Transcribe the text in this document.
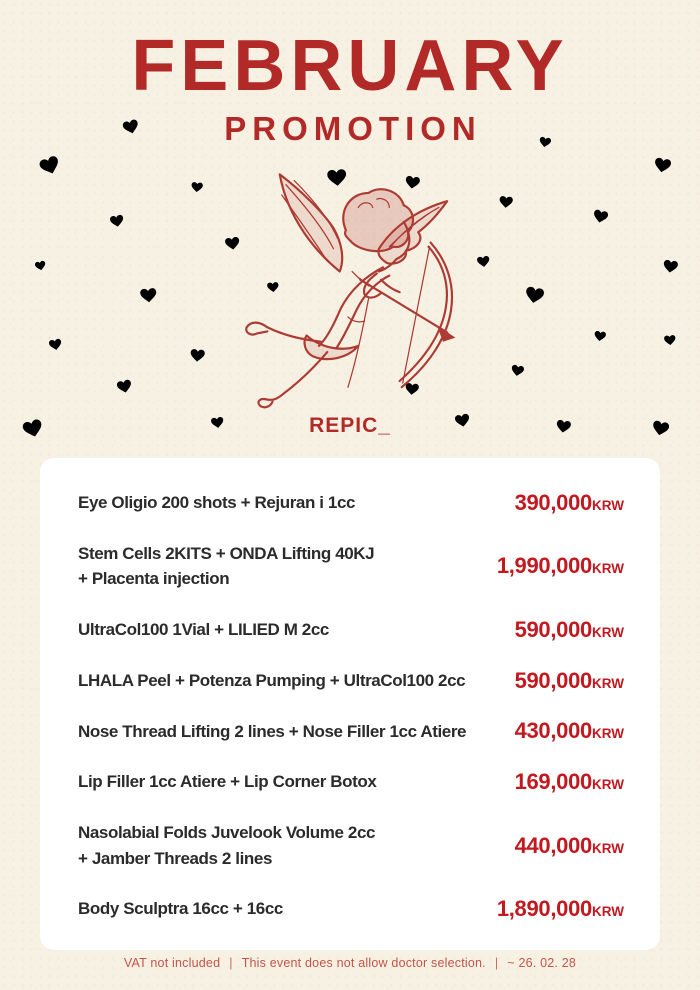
FEBRUARY
PROMOTION
REPIC_
Eye Oligio 200 shots + Rejuran i 1cc	390,000KRW
Stem Cells 2KITS + ONDA Lifting 40KJ
+ Placenta injection
1,990,000KRW
UltraCol100 1Vial + LILIED M 2cc	590,000KRW
LHALA Peel + Potenza Pumping + UltraCol100 2cc 590,000KRW
Nose Thread Lifting 2 lines + Nose Filler 1cc Atiere 430,000KRW
Lip Filler 1cc Atiere + Lip Corner Botox	169,000KRW
Nasolabial Folds Juvelook Volume 2cc
+ Jamber Threads 2 lines
440,000KRW
Body Sculptra 16cc + 16cc	1,890,000KRW
VAT not included | This event does not allow doctor selection. | ~ 26. 02. 28
